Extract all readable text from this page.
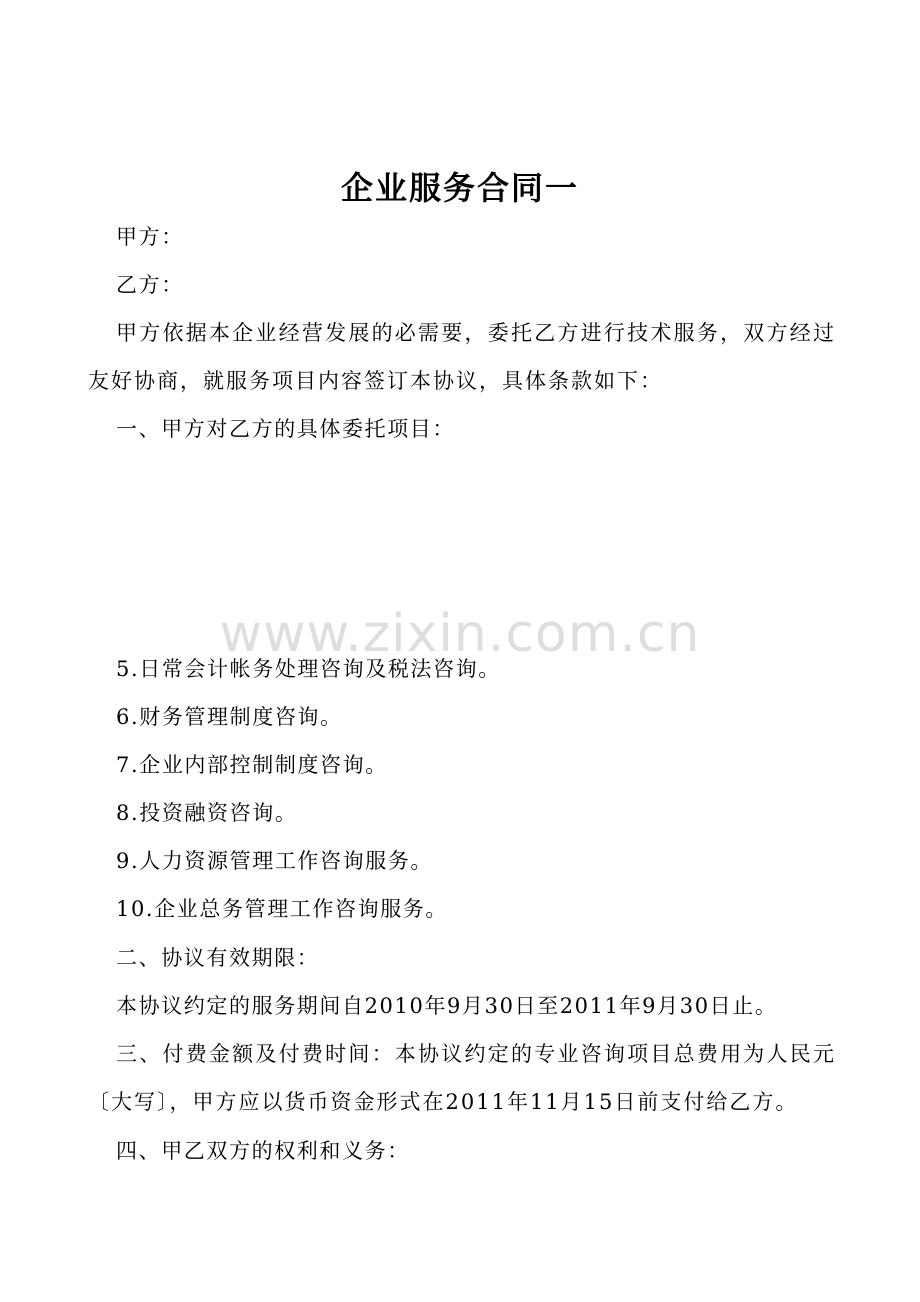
企业服务合同一

甲方：

乙方：

甲方依据本企业经营发展的必需要，委托乙方进行技术服务，双方经过友好协商，就服务项目内容签订本协议，具体条款如下：

一、甲方对乙方的具体委托项目：

www.zixin.com.cn

5.日常会计帐务处理咨询及税法咨询。

6.财务管理制度咨询。

7.企业内部控制制度咨询。

8.投资融资咨询。

9.人力资源管理工作咨询服务。

10.企业总务管理工作咨询服务。

二、协议有效期限：

本协议约定的服务期间自2010年9月30日至2011年9月30日止。

三、付费金额及付费时间：本协议约定的专业咨询项目总费用为人民元〔大写〕，甲方应以货币资金形式在2011年11月15日前支付给乙方。

四、甲乙双方的权利和义务：
